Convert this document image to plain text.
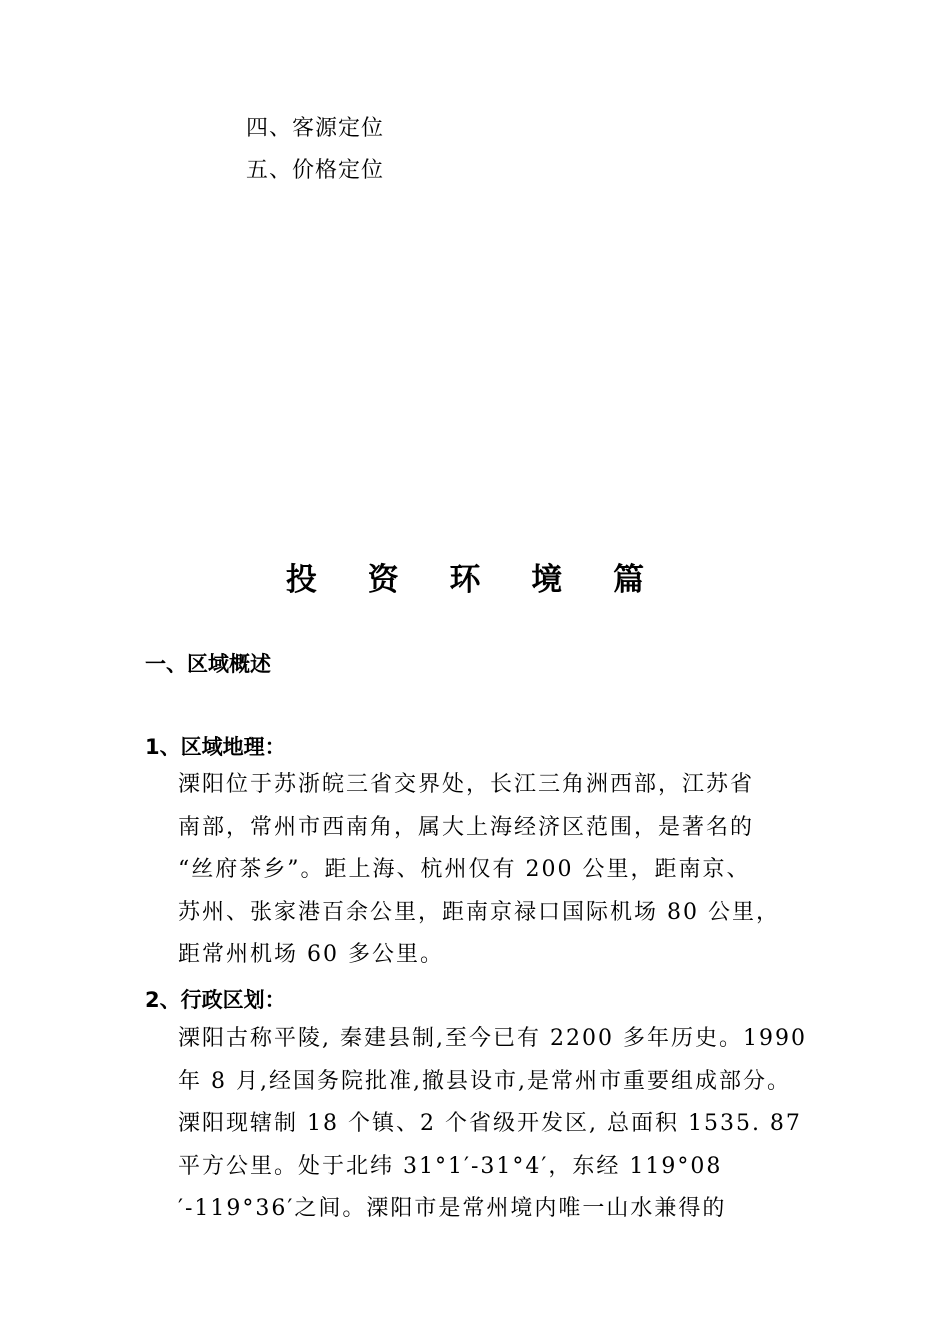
四、客源定位
五、价格定位
投 资 环 境 篇
一、区域概述
1、区域地理：
溧阳位于苏浙皖三省交界处，长江三角洲西部，江苏省
南部，常州市西南角，属大上海经济区范围，是著名的
“丝府茶乡”。距上海、杭州仅有 200 公里，距南京、
苏州、张家港百余公里，距南京禄口国际机场 80 公里，
距常州机场 60 多公里。
2、行政区划：
溧阳古称平陵, 秦建县制,至今已有 2200 多年历史。1990
年 8 月,经国务院批准,撤县设市,是常州市重要组成部分。
溧阳现辖制 18 个镇、2 个省级开发区, 总面积 1535. 87
平方公里。处于北纬 31°1′-31°4′，东经 119°08
′-119°36′之间。溧阳市是常州境内唯一山水兼得的
